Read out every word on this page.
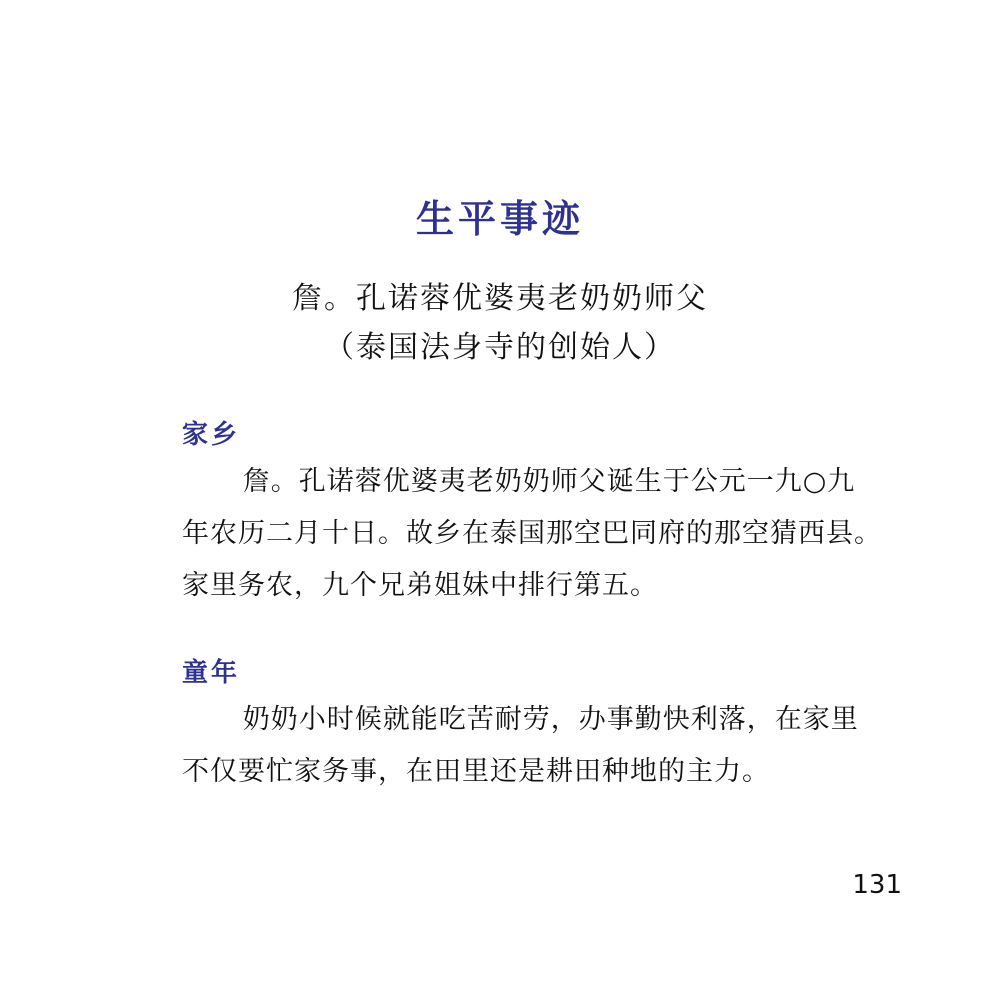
生平事迹

詹。孔诺蓉优婆夷老奶奶师父

（泰国法身寺的创始人）

家乡

詹。孔诺蓉优婆夷老奶奶师父诞生于公元一九○九年农历二月十日。故乡在泰国那空巴同府的那空猜西县。家里务农，九个兄弟姐妹中排行第五。

童年

奶奶小时候就能吃苦耐劳，办事勤快利落，在家里不仅要忙家务事，在田里还是耕田种地的主力。

131
